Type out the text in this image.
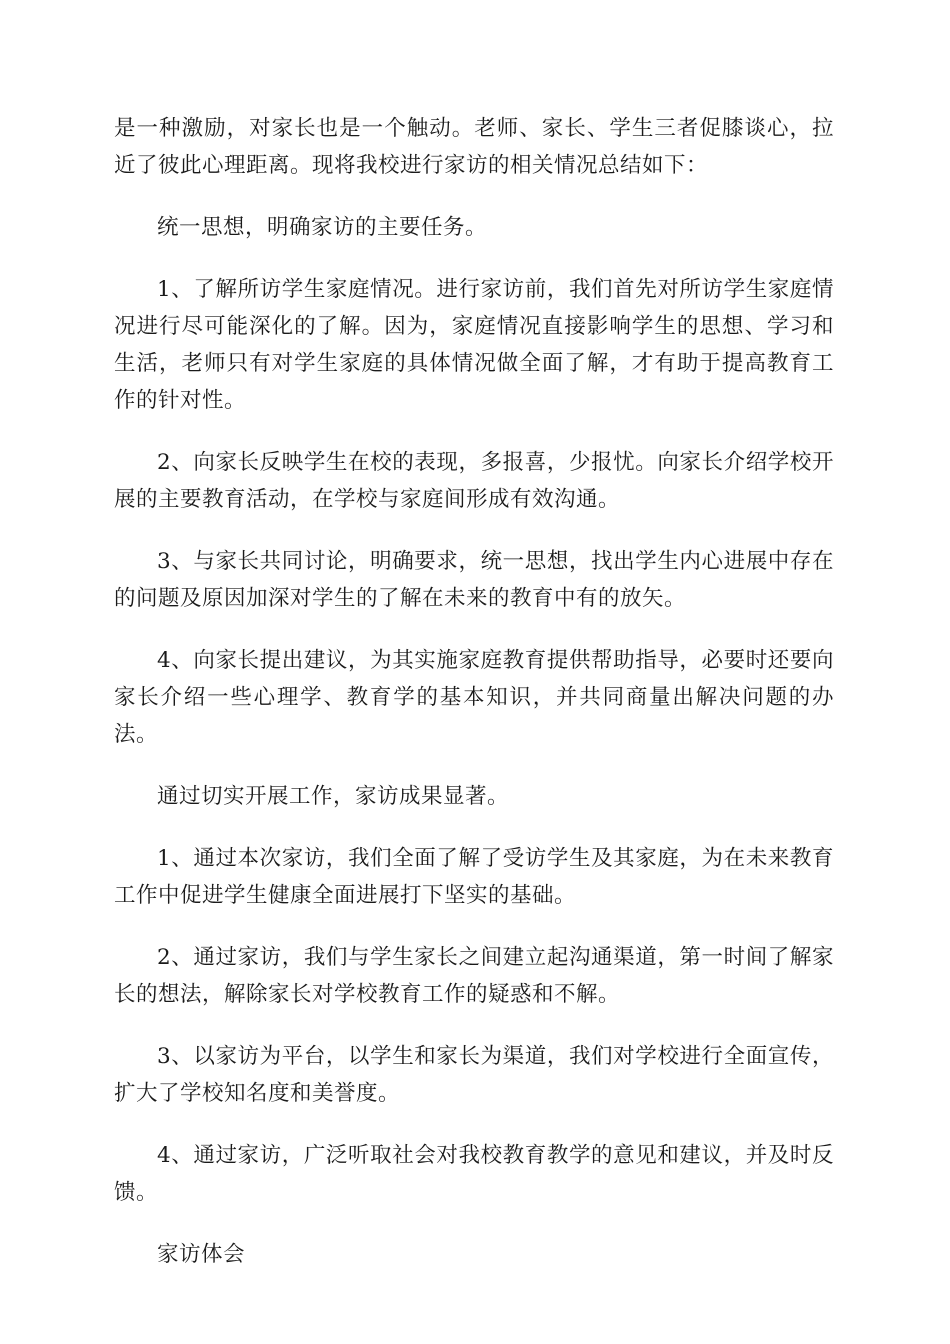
是一种激励，对家长也是一个触动。老师、家长、学生三者促膝谈心，拉近了彼此心理距离。现将我校进行家访的相关情况总结如下：

统一思想，明确家访的主要任务。

1、了解所访学生家庭情况。进行家访前，我们首先对所访学生家庭情况进行尽可能深化的了解。因为，家庭情况直接影响学生的思想、学习和生活，老师只有对学生家庭的具体情况做全面了解，才有助于提高教育工作的针对性。

2、向家长反映学生在校的表现，多报喜，少报忧。向家长介绍学校开展的主要教育活动，在学校与家庭间形成有效沟通。

3、与家长共同讨论，明确要求，统一思想，找出学生内心进展中存在的问题及原因加深对学生的了解在未来的教育中有的放矢。

4、向家长提出建议，为其实施家庭教育提供帮助指导，必要时还要向家长介绍一些心理学、教育学的基本知识，并共同商量出解决问题的办法。

通过切实开展工作，家访成果显著。

1、通过本次家访，我们全面了解了受访学生及其家庭，为在未来教育工作中促进学生健康全面进展打下坚实的基础。

2、通过家访，我们与学生家长之间建立起沟通渠道，第一时间了解家长的想法，解除家长对学校教育工作的疑惑和不解。

3、以家访为平台，以学生和家长为渠道，我们对学校进行全面宣传，扩大了学校知名度和美誉度。

4、通过家访，广泛听取社会对我校教育教学的意见和建议，并及时反馈。

家访体会
